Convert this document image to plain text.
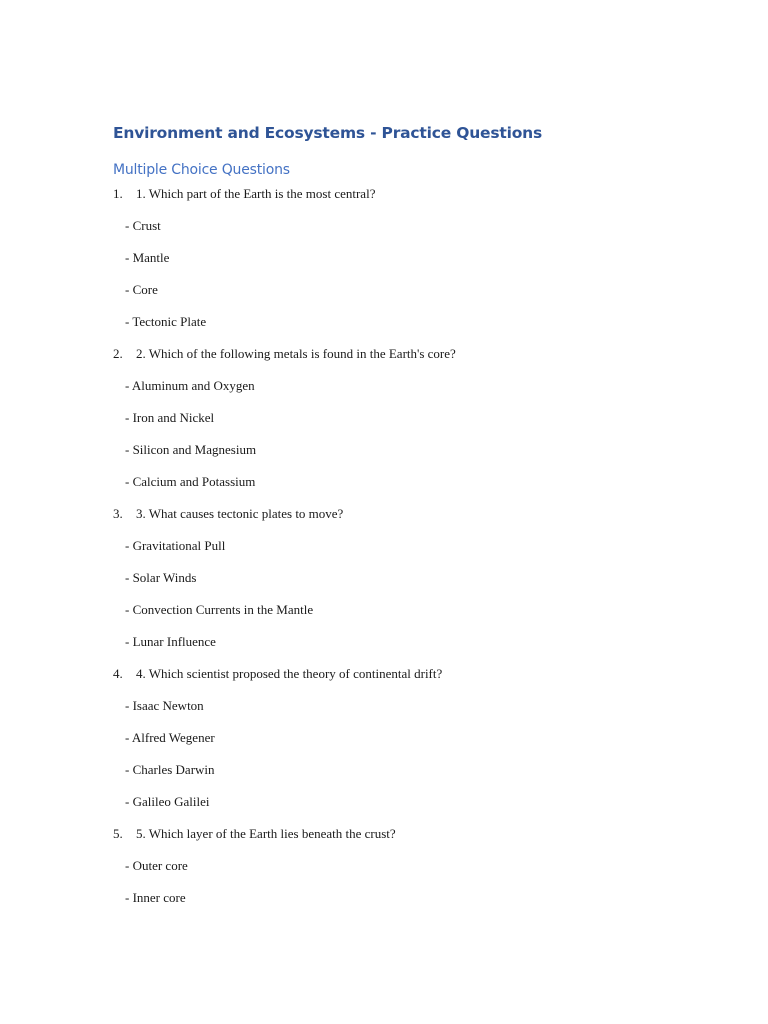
Environment and Ecosystems - Practice Questions
Multiple Choice Questions
1. 1. Which part of the Earth is the most central?
- Crust
- Mantle
- Core
- Tectonic Plate
2. 2. Which of the following metals is found in the Earth's core?
- Aluminum and Oxygen
- Iron and Nickel
- Silicon and Magnesium
- Calcium and Potassium
3. 3. What causes tectonic plates to move?
- Gravitational Pull
- Solar Winds
- Convection Currents in the Mantle
- Lunar Influence
4. 4. Which scientist proposed the theory of continental drift?
- Isaac Newton
- Alfred Wegener
- Charles Darwin
- Galileo Galilei
5. 5. Which layer of the Earth lies beneath the crust?
- Outer core
- Inner core
